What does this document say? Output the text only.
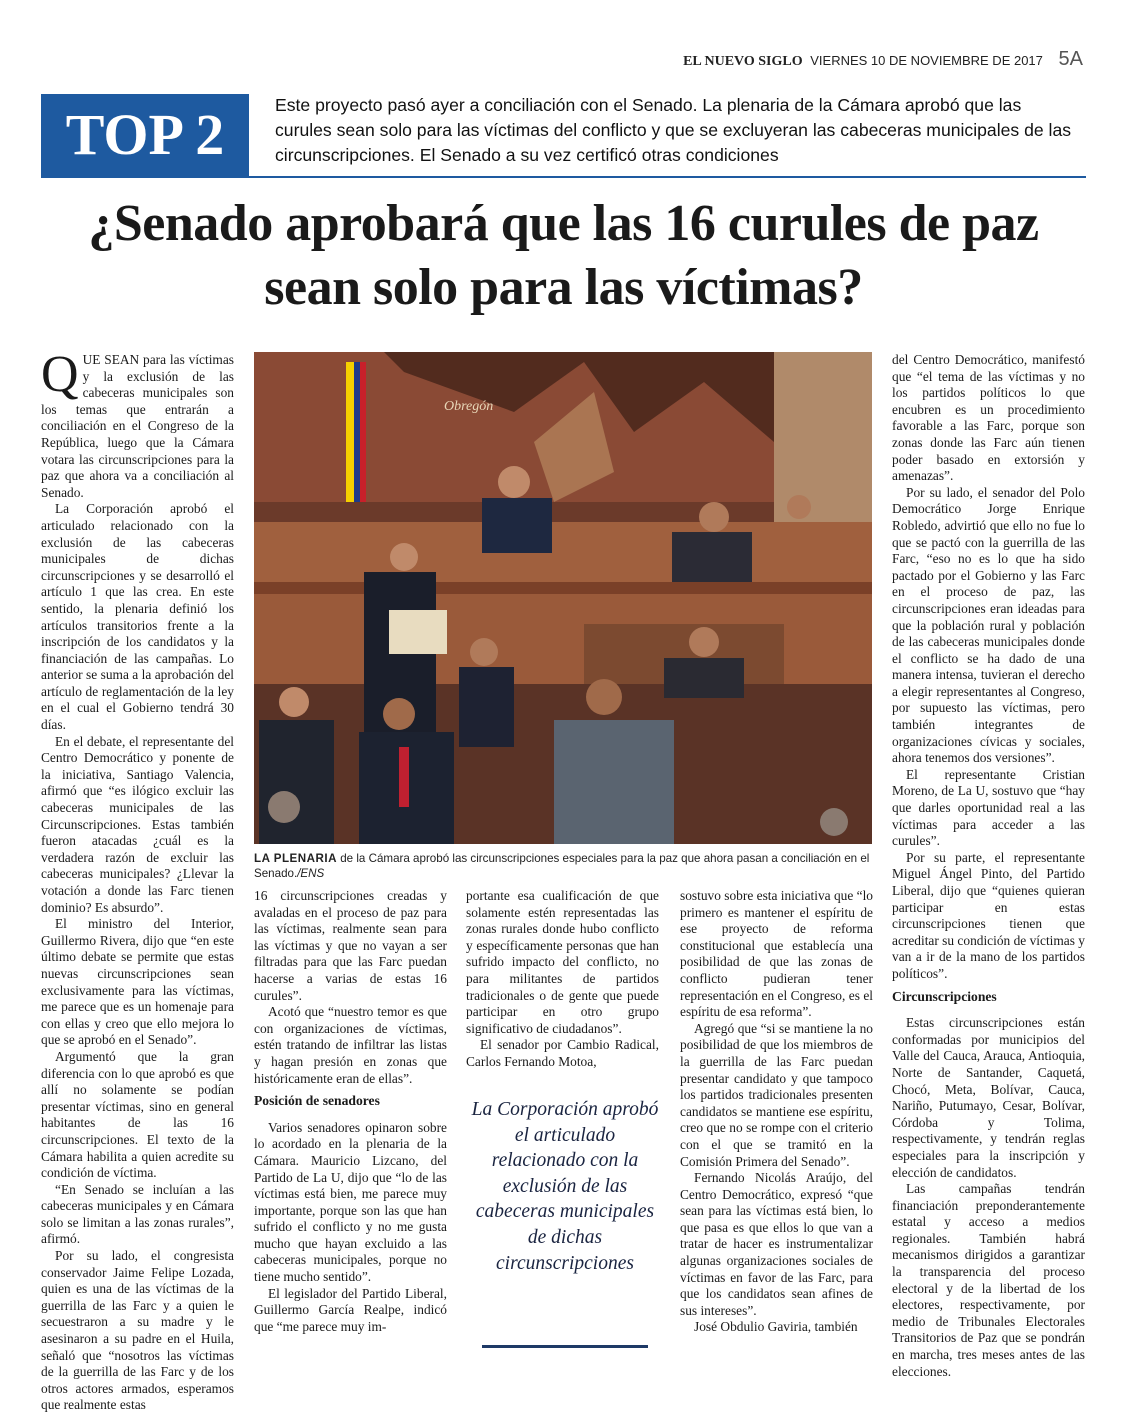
EL NUEVO SIGLO VIERNES 10 DE NOVIEMBRE DE 2017 5A
TOP 2	Este proyecto pasó ayer a conciliación con el Senado. La plenaria de la Cámara aprobó que las curules sean solo para las víctimas del conflicto y que se excluyeran las cabeceras municipales de las circunscripciones. El Senado a su vez certificó otras condiciones
¿Senado aprobará que las 16 curules de paz sean solo para las víctimas?

QUE SEAN para las víctimas y la exclusión de las cabeceras municipales son los temas que entrarán a conciliación en el Congreso de la República, luego que la Cámara votara las circunscripciones para la paz que ahora va a conciliación al Senado.

La Corporación aprobó el articulado relacionado con la exclusión de las cabeceras municipales de dichas circunscripciones y se desarrolló el artículo 1 que las crea. En este sentido, la plenaria definió los artículos transitorios frente a la inscripción de los candidatos y la financiación de las campañas. Lo anterior se suma a la aprobación del artículo de reglamentación de la ley en el cual el Gobierno tendrá 30 días.

En el debate, el representante del Centro Democrático y ponente de la iniciativa, Santiago Valencia, afirmó que “es ilógico excluir las cabeceras municipales de las Circunscripciones. Estas también fueron atacadas ¿cuál es la verdadera razón de excluir las cabeceras municipales? ¿Llevar la votación a donde las Farc tienen dominio? Es absurdo”.

El ministro del Interior, Guillermo Rivera, dijo que “en este último debate se permite que estas nuevas circunscripciones sean exclusivamente para las víctimas, me parece que es un homenaje para con ellas y creo que ello mejora lo que se aprobó en el Senado”.

Argumentó que la gran diferencia con lo que aprobó es que allí no solamente se podían presentar víctimas, sino en general habitantes de las 16 circunscripciones. El texto de la Cámara habilita a quien acredite su condición de víctima.

“En Senado se incluían a las cabeceras municipales y en Cámara solo se limitan a las zonas rurales”, afirmó.

Por su lado, el congresista conservador Jaime Felipe Lozada, quien es una de las víctimas de la guerrilla de las Farc y a quien le secuestraron a su madre y le asesinaron a su padre en el Huila, señaló que “nosotros las víctimas de la guerrilla de las Farc y de los otros actores armados, esperamos que realmente estas

Obregón
LA PLENARIA de la Cámara aprobó las circunscripciones especiales para la paz que ahora pasan a conciliación en el Senado./ENS

16 circunscripciones creadas y avaladas en el proceso de paz para las víctimas, realmente sean para las víctimas y que no vayan a ser filtradas para que las Farc puedan hacerse a varias de estas 16 curules”.

Acotó que “nuestro temor es que con organizaciones de víctimas, estén tratando de infiltrar las listas y hagan presión en zonas que históricamente eran de ellas”.

Posición de senadores

Varios senadores opinaron sobre lo acordado en la plenaria de la Cámara. Mauricio Lizcano, del Partido de La U, dijo que “lo de las víctimas está bien, me parece muy importante, porque son las que han sufrido el conflicto y no me gusta mucho que hayan excluido a las cabeceras municipales, porque no tiene mucho sentido”.

El legislador del Partido Liberal, Guillermo García Realpe, indicó que “me parece muy im-

portante esa cualificación de que solamente estén representadas las zonas rurales donde hubo conflicto y específicamente personas que han sufrido impacto del conflicto, no para militantes de partidos tradicionales o de gente que puede participar en otro grupo significativo de ciudadanos”.

El senador por Cambio Radical, Carlos Fernando Motoa,

La Corporación aprobó el articulado relacionado con la exclusión de las cabeceras municipales de dichas circunscripciones

sostuvo sobre esta iniciativa que “lo primero es mantener el espíritu de ese proyecto de reforma constitucional que establecía una posibilidad de que las zonas de conflicto pudieran tener representación en el Congreso, es el espíritu de esa reforma”.

Agregó que “si se mantiene la no posibilidad de que los miembros de la guerrilla de las Farc puedan presentar candidato y que tampoco los partidos tradicionales presenten candidatos se mantiene ese espíritu, creo que no se rompe con el criterio con el que se tramitó en la Comisión Primera del Senado”.

Fernando Nicolás Araújo, del Centro Democrático, expresó “que sean para las víctimas está bien, lo que pasa es que ellos lo que van a tratar de hacer es instrumentalizar algunas organizaciones sociales de víctimas en favor de las Farc, para que los candidatos sean afines de sus intereses”.

José Obdulio Gaviria, también

del Centro Democrático, manifestó que “el tema de las víctimas y no los partidos políticos lo que encubren es un procedimiento favorable a las Farc, porque son zonas donde las Farc aún tienen poder basado en extorsión y amenazas”.

Por su lado, el senador del Polo Democrático Jorge Enrique Robledo, advirtió que ello no fue lo que se pactó con la guerrilla de las Farc, “eso no es lo que ha sido pactado por el Gobierno y las Farc en el proceso de paz, las circunscripciones eran ideadas para que la población rural y población de las cabeceras municipales donde el conflicto se ha dado de una manera intensa, tuvieran el derecho a elegir representantes al Congreso, por supuesto las víctimas, pero también integrantes de organizaciones cívicas y sociales, ahora tenemos dos versiones”.

El representante Cristian Moreno, de La U, sostuvo que “hay que darles oportunidad real a las víctimas para acceder a las curules”.

Por su parte, el representante Miguel Ángel Pinto, del Partido Liberal, dijo que “quienes quieran participar en estas circunscripciones tienen que acreditar su condición de víctimas y van a ir de la mano de los partidos políticos”.

Circunscripciones

Estas circunscripciones están conformadas por municipios del Valle del Cauca, Arauca, Antioquia, Norte de Santander, Caquetá, Chocó, Meta, Bolívar, Cauca, Nariño, Putumayo, Cesar, Bolívar, Córdoba y Tolima, respectivamente, y tendrán reglas especiales para la inscripción y elección de candidatos.

Las campañas tendrán financiación preponderantemente estatal y acceso a medios regionales. También habrá mecanismos dirigidos a garantizar la transparencia del proceso electoral y de la libertad de los electores, respectivamente, por medio de Tribunales Electorales Transitorios de Paz que se pondrán en marcha, tres meses antes de las elecciones.
